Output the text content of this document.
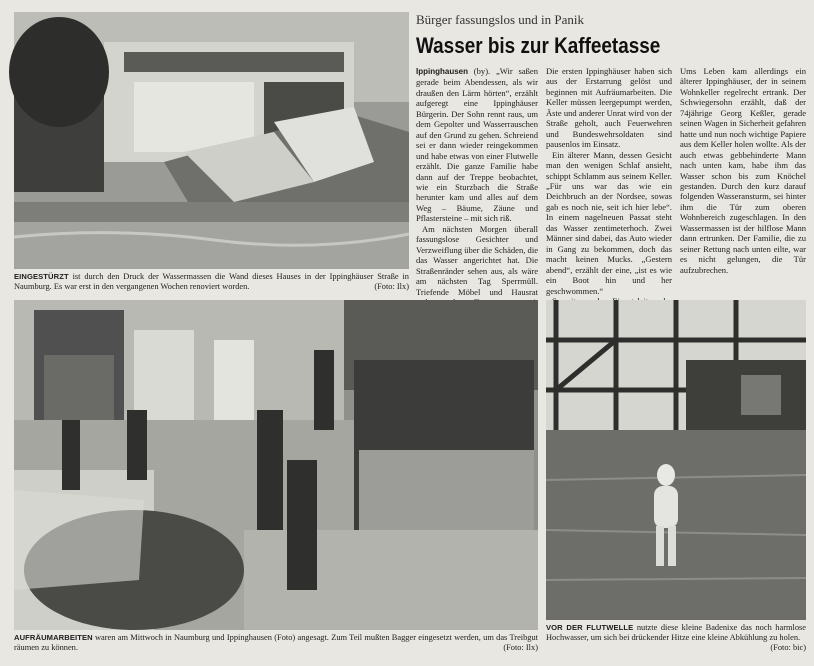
EINGESTÜRZT ist durch den Druck der Wassermassen die Wand dieses Hauses in der Ippinghäuser Straße in Naumburg. Es war erst in den vergangenen Wochen renoviert worden.	(Foto: Ilx)
Bürger fassungslos und in Panik
Wasser bis zur Kaffeetasse

Ippinghausen (by). „Wir saßen gerade beim Abendessen, als wir draußen den Lärm hörten“, erzählt aufgeregt eine Ippinghäuser Bürgerin. Der Sohn rennt raus, um dem Gepolter und Wasserrauschen auf den Grund zu gehen. Schreiend sei er dann wieder reingekommen und habe etwas von einer Flutwelle erzählt. Die ganze Familie habe dann auf der Treppe beobachtet, wie ein Sturzbach die Straße herunter kam und alles auf dem Weg – Bäume, Zäune und Pflastersteine – mit sich riß.

Am nächsten Morgen überall fassungslose Gesichter und Verzweiflung über die Schäden, die das Wasser angerichtet hat. Die Straßenränder sehen aus, als wäre am nächsten Tag Sperrmüll. Triefende Möbel und Hausrat

Die ersten Ippinghäuser haben sich aus der Erstarrung gelöst und beginnen mit Aufräumarbeiten. Die Keller müssen leergepumpt werden, Äste und anderer Unrat wird von der Straße geholt, auch Feuerwehren und Bundeswehrsoldaten sind pausenlos im Einsatz.

Ein älterer Mann, dessen Gesicht man den wenigen Schlaf ansieht, schippt Schlamm aus seinem Keller. „Für uns war das wie ein Deichbruch an der Nordsee, sowas gab es noch nie, seit ich hier lebe“. In einem nagelneuen Passat steht das Wasser zentimeterhoch. Zwei Männer sind dabei, das Auto wieder in Gang zu bekommen, doch das macht keinen Mucks. „Gestern abend“, erzählt der eine, „ist es wie ein Boot hin und her geschwommen.“

Ums Leben kam allerdings ein älterer Ippinghäuser, der in seinem Wohnkeller regelrecht ertrank. Der Schwiegersohn erzählt, daß der 74jährige Georg Keßler, gerade seinen Wagen in Sicherheit gefahren hatte und nun noch wichtige Papiere aus dem Keller holen wollte. Als der auch etwas gebbehinderte Mann nach unten kam, habe ihm das Wasser schon bis zum Knöchel gestanden. Durch den kurz darauf folgenden Wasseransturm, sei hinter ihm die Tür zum oberen Wohnbereich zugeschlagen. In den Wassermassen ist der hilflose Mann dann ertrunken. Der Familie, die zu seiner Rettung nach unten eilte, war es nicht gelungen, die Tür aufzubrechen.

AUFRÄUMARBEITEN waren am Mittwoch in Naumburg und Ippinghausen (Foto) angesagt. Zum Teil mußten Bagger eingesetzt werden, um das Treibgut räumen zu können.	(Foto: Ilx)
VOR DER FLUTWELLE nutzte diese kleine Badenixe das noch harmlose Hochwasser, um sich bei drückender Hitze eine kleine Abkühlung zu holen.
(Foto: bic)
